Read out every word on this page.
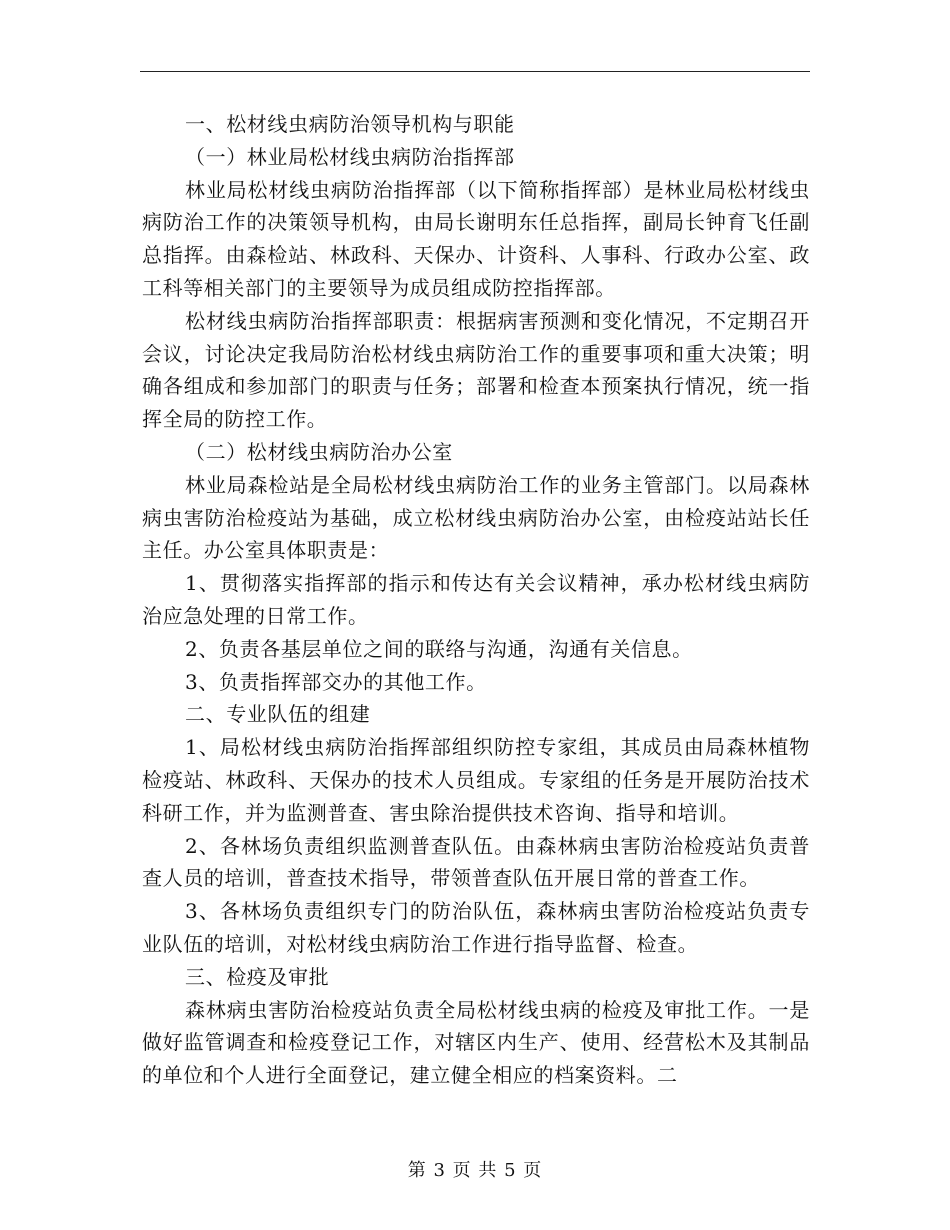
一、松材线虫病防治领导机构与职能

（一）林业局松材线虫病防治指挥部

林业局松材线虫病防治指挥部（以下简称指挥部）是林业局松材线虫病防治工作的决策领导机构，由局长谢明东任总指挥，副局长钟育飞任副总指挥。由森检站、林政科、天保办、计资科、人事科、行政办公室、政工科等相关部门的主要领导为成员组成防控指挥部。

松材线虫病防治指挥部职责：根据病害预测和变化情况，不定期召开会议，讨论决定我局防治松材线虫病防治工作的重要事项和重大决策；明确各组成和参加部门的职责与任务；部署和检查本预案执行情况，统一指挥全局的防控工作。

（二）松材线虫病防治办公室

林业局森检站是全局松材线虫病防治工作的业务主管部门。以局森林病虫害防治检疫站为基础，成立松材线虫病防治办公室，由检疫站站长任主任。办公室具体职责是：

1、贯彻落实指挥部的指示和传达有关会议精神，承办松材线虫病防治应急处理的日常工作。

2、负责各基层单位之间的联络与沟通，沟通有关信息。

3、负责指挥部交办的其他工作。

二、专业队伍的组建

1、局松材线虫病防治指挥部组织防控专家组，其成员由局森林植物检疫站、林政科、天保办的技术人员组成。专家组的任务是开展防治技术科研工作，并为监测普查、害虫除治提供技术咨询、指导和培训。

2、各林场负责组织监测普查队伍。由森林病虫害防治检疫站负责普查人员的培训，普查技术指导，带领普查队伍开展日常的普查工作。

3、各林场负责组织专门的防治队伍，森林病虫害防治检疫站负责专业队伍的培训，对松材线虫病防治工作进行指导监督、检查。

三、检疫及审批

森林病虫害防治检疫站负责全局松材线虫病的检疫及审批工作。一是做好监管调查和检疫登记工作，对辖区内生产、使用、经营松木及其制品的单位和个人进行全面登记，建立健全相应的档案资料。二

第 3 页 共 5 页
